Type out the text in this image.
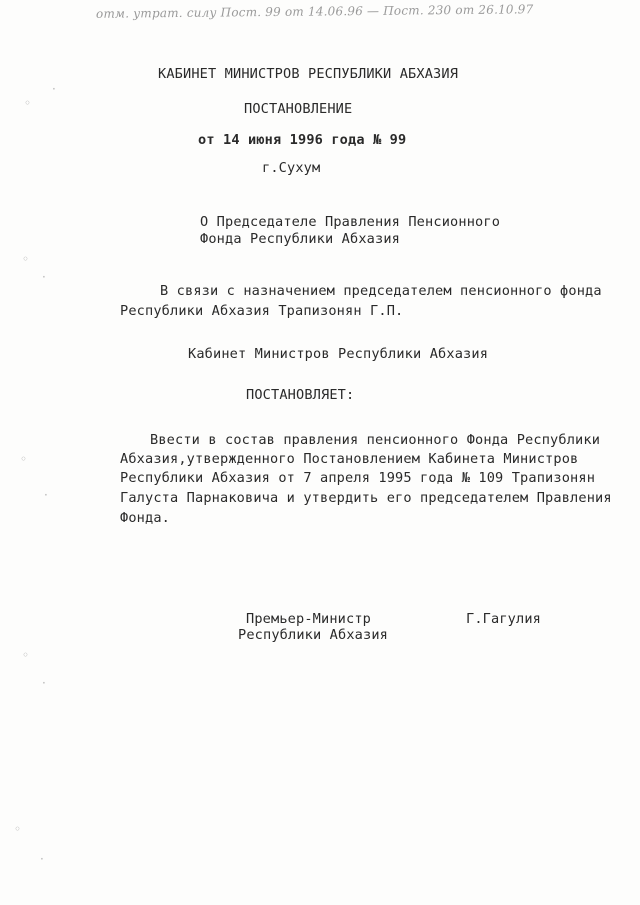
отм. утрат. силу Пост. 99 от 14.06.96 — Пост. 230 от 26.10.97
КАБИНЕТ МИНИСТРОВ РЕСПУБЛИКИ АБХАЗИЯ
ПОСТАНОВЛЕНИЕ
от 14 июня 1996 года № 99
г.Сухум
О Председателе Правления Пенсионного
Фонда Республики Абхазия
В связи с назначением председателем пенсионного фонда
Республики Абхазия Трапизонян Г.П.
Кабинет Министров Республики Абхазия
ПОСТАНОВЛЯЕТ:
Ввести в состав правления пенсионного Фонда Республики
Абхазия,утвержденного Постановлением Кабинета Министров
Республики Абхазия от 7 апреля 1995 года № 109 Трапизонян
Галуста Парнаковича и утвердить его председателем Правления
Фонда.
Премьер-Министр
Республики Абхазия
Г.Гагулия
◦
·
◦
·
◦
·
◦
·
◦
·
